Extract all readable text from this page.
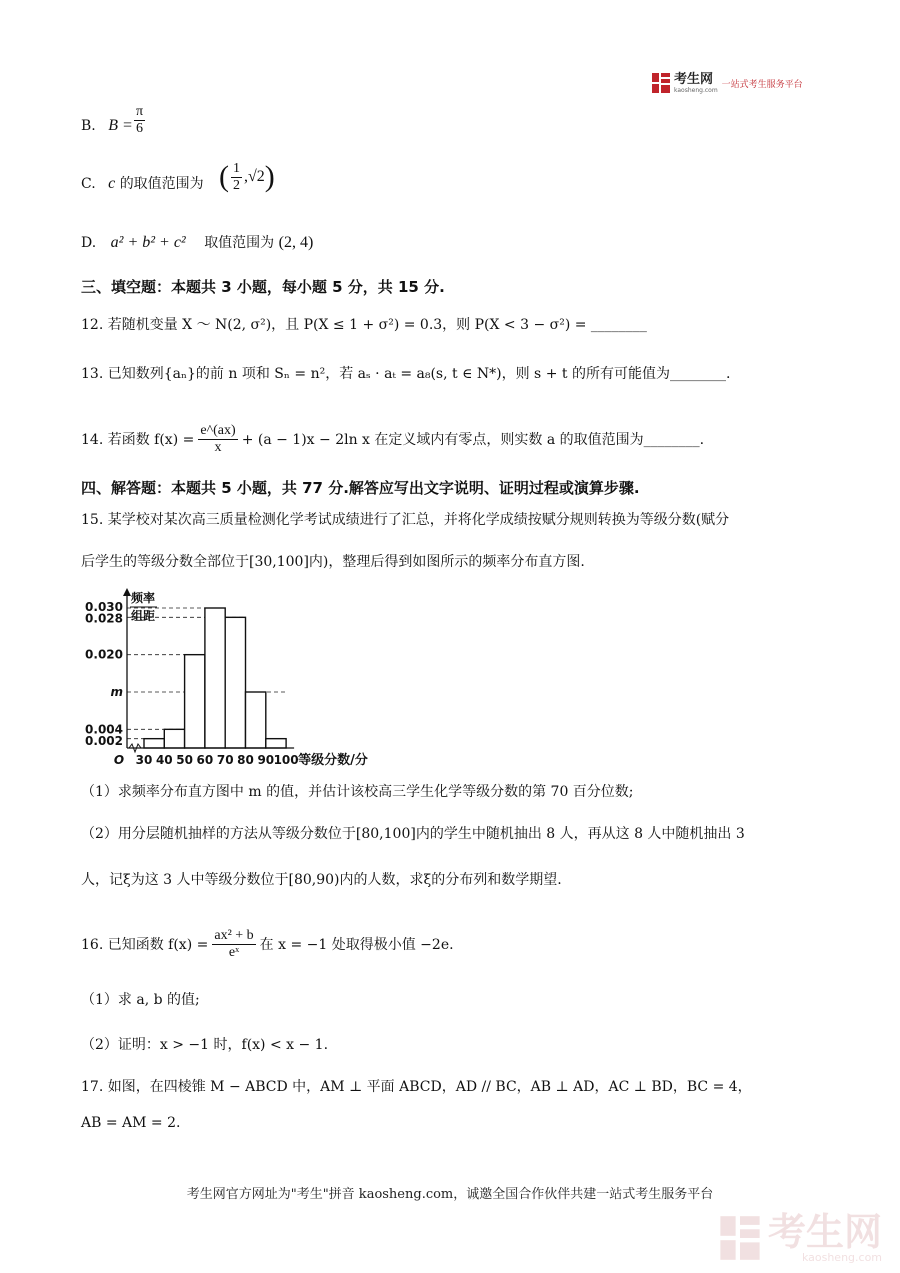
考生网
kaosheng.com
一站式考生服务平台
B. $B = \frac{\pi}{6}$
C. c 的取值范围为 ( $\frac{1}{2} ,√2$ )
D. a² + b² + c² 取值范围为 (2, 4)
三、填空题：本题共 3 小题，每小题 5 分，共 15 分.
12. 若随机变量 X ～ N(2, σ²)，且 P(X ≤ 1 + σ²) = 0.3，则 P(X < 3 − σ²) = ________
13. 已知数列{aₙ}的前 n 项和 Sₙ = n²，若 aₛ · aₜ = a₈(s, t ∈ N*)，则 s + t 的所有可能值为________.
14. 若函数 $f(x) = \frac{e\^{}(ax)}{x} + (a - 1)x - 2\ln$ x 在定义域内有零点，则实数 a 的取值范围为________.
四、解答题：本题共 5 小题，共 77 分.解答应写出文字说明、证明过程或演算步骤.
15. 某学校对某次高三质量检测化学考试成绩进行了汇总，并将化学成绩按赋分规则转换为等级分数(赋分
后学生的等级分数全部位于[30,100]内)，整理后得到如图所示的频率分布直方图.
0.002
0.004
m
0.020
0.028
0.030
频率
组距
O 30 40 50 60 70 80 90 100 等级分数/分
（1）求频率分布直方图中 m 的值，并估计该校高三学生化学等级分数的第 70 百分位数;
（2）用分层随机抽样的方法从等级分数位于[80,100]内的学生中随机抽出 8 人，再从这 8 人中随机抽出 3
人，记ξ为这 3 人中等级分数位于[80,90)内的人数，求ξ的分布列和数学期望.
16. 已知函数 $f(x) = \frac{\text{ax² + b}}{\text{eˣ}}$ 在 x = −1 处取得极小值 −2e.
（1）求 a, b 的值;
（2）证明：x > −1 时，f(x) < x − 1.
17. 如图，在四棱锥 M − ABCD 中，AM ⊥ 平面 ABCD，AD // BC，AB ⊥ AD，AC ⊥ BD，BC = 4，
AB = AM = 2.
考生网官方网址为"考生"拼音 kaosheng.com，诚邀全国合作伙伴共建一站式考生服务平台
考生网
kaosheng.com
